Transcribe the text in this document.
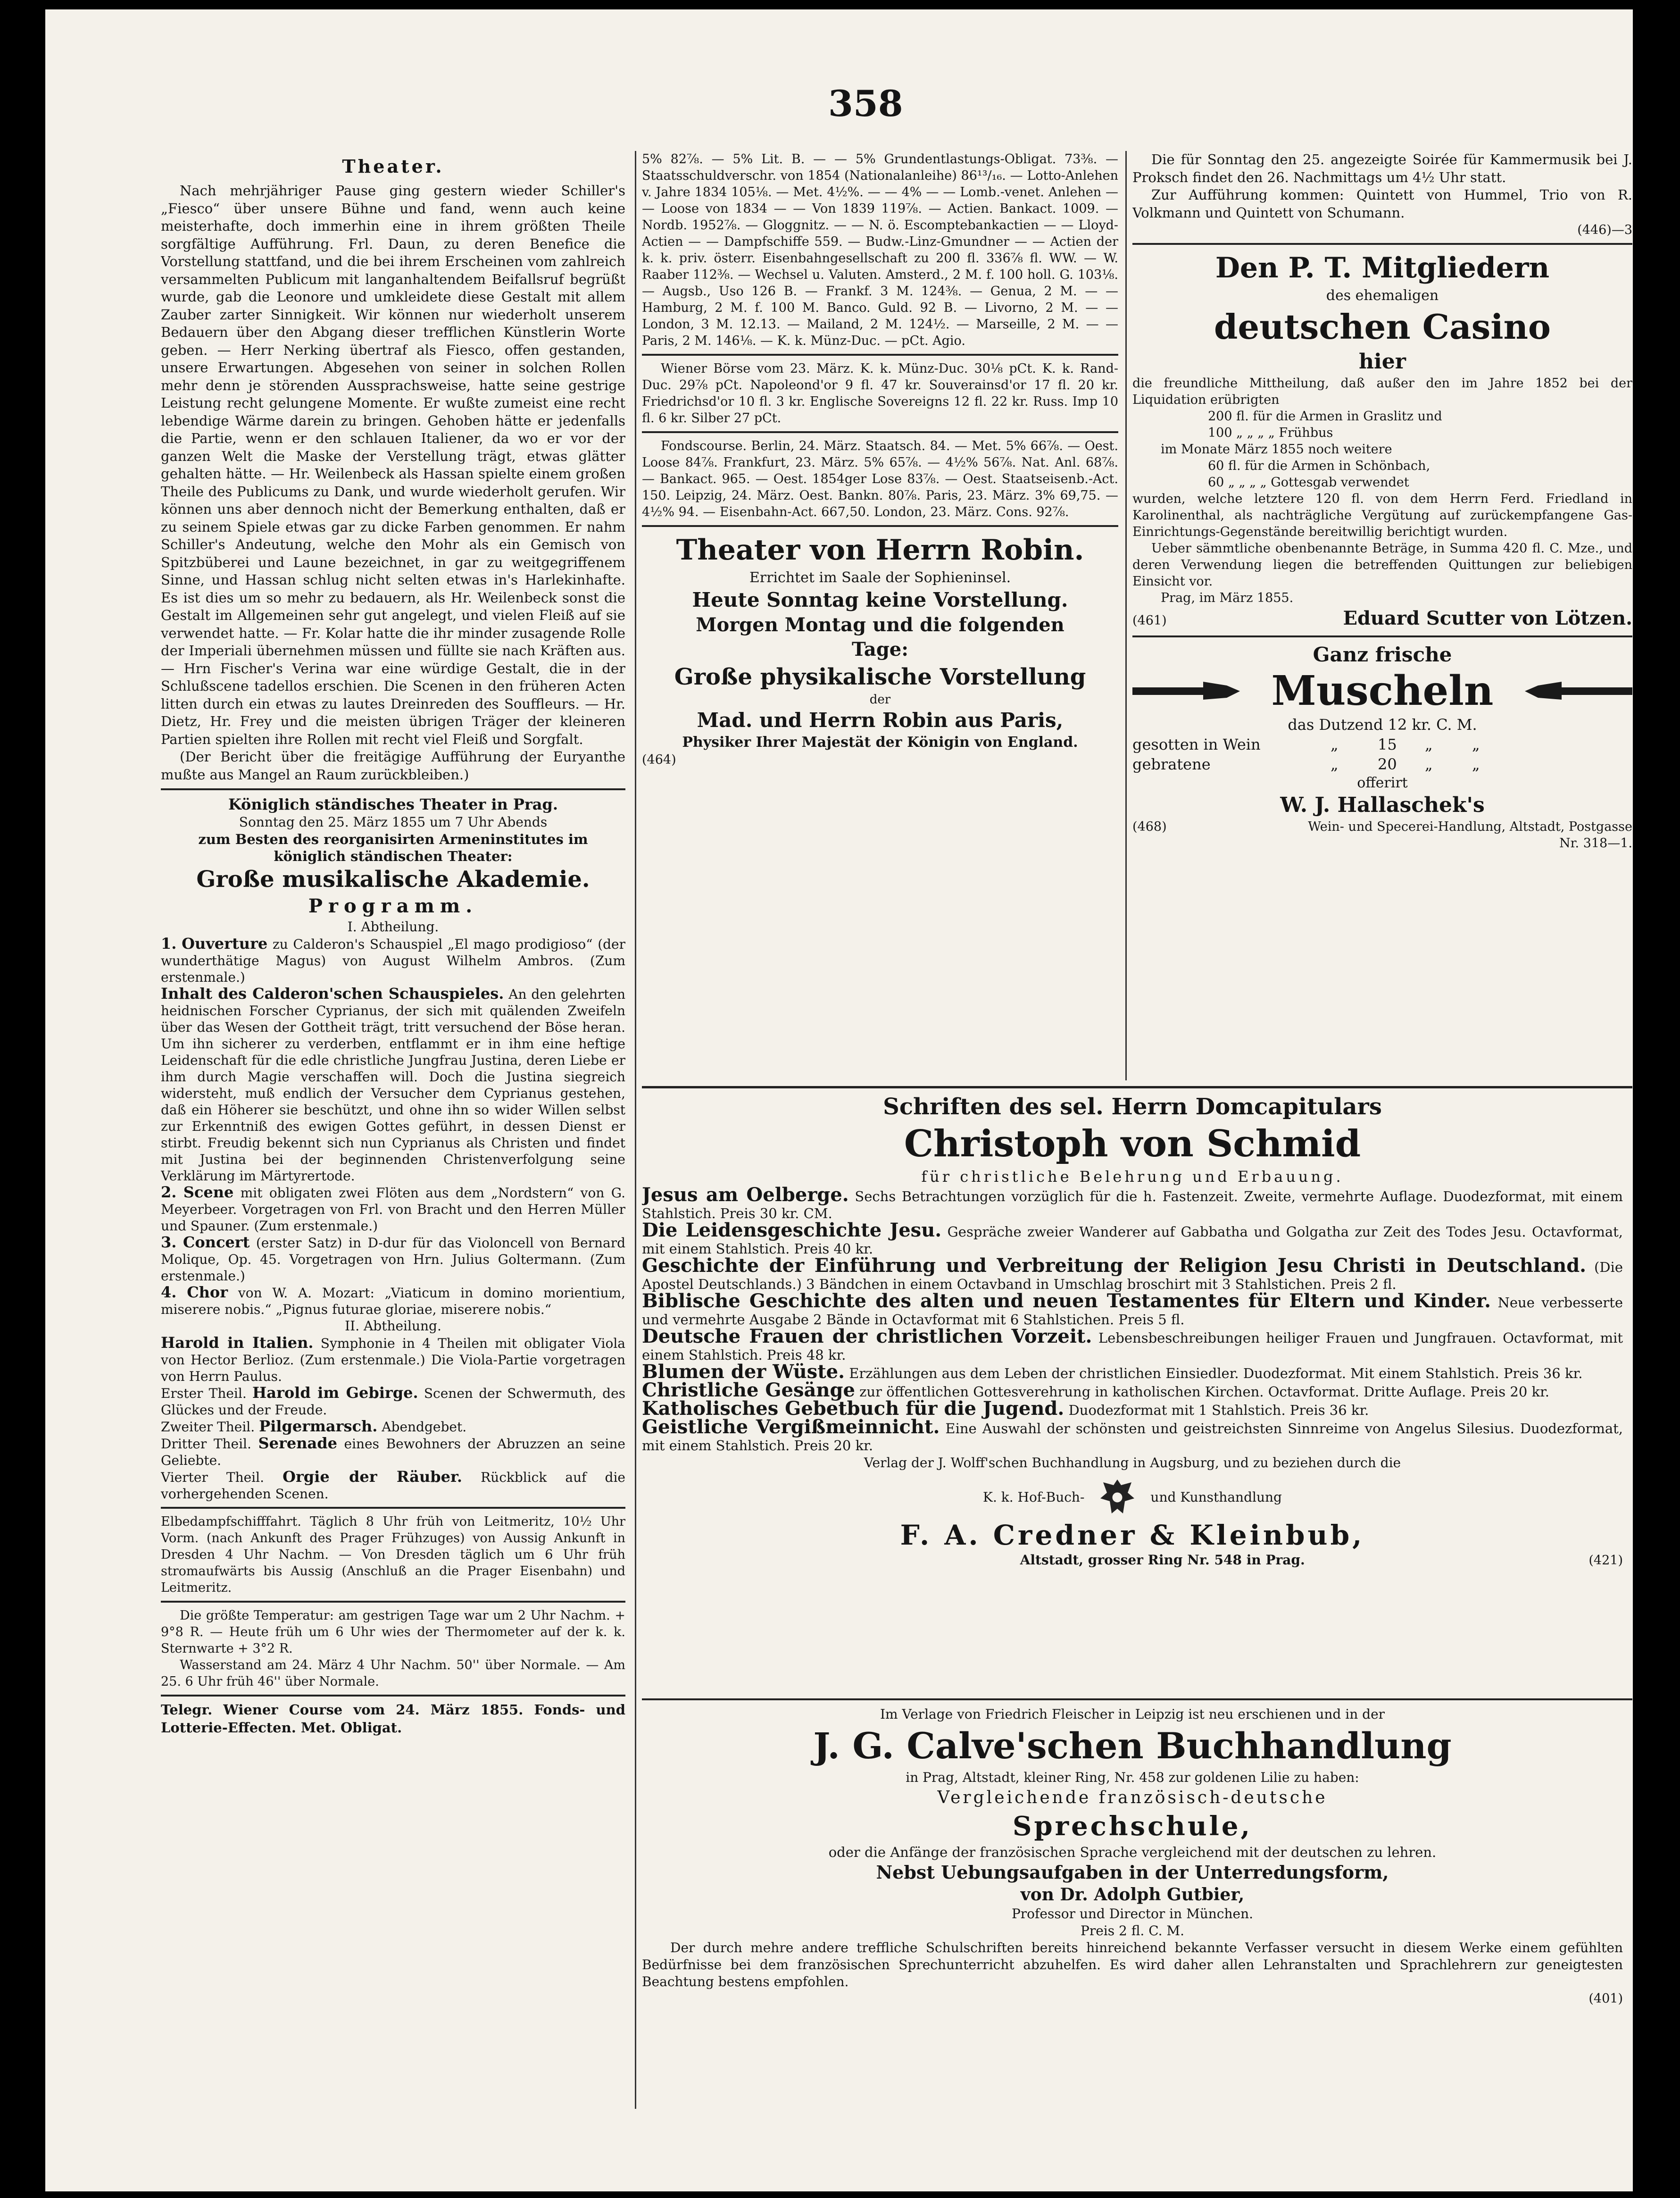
358
Theater.

Nach mehrjähriger Pause ging gestern wieder Schiller's „Fiesco“ über unsere Bühne und fand, wenn auch keine meisterhafte, doch immerhin eine in ihrem größten Theile sorgfältige Aufführung. Frl. Daun, zu deren Benefice die Vorstellung stattfand, und die bei ihrem Erscheinen vom zahlreich versammelten Publicum mit langanhaltendem Beifallsruf begrüßt wurde, gab die Leonore und umkleidete diese Gestalt mit allem Zauber zarter Sinnigkeit. Wir können nur wiederholt unserem Bedauern über den Abgang dieser trefflichen Künstlerin Worte geben. — Herr Nerking übertraf als Fiesco, offen gestanden, unsere Erwartungen. Abgesehen von seiner in solchen Rollen mehr denn je störenden Aussprachsweise, hatte seine gestrige Leistung recht gelungene Momente. Er wußte zumeist eine recht lebendige Wärme darein zu bringen. Gehoben hätte er jedenfalls die Partie, wenn er den schlauen Italiener, da wo er vor der ganzen Welt die Maske der Verstellung trägt, etwas glätter gehalten hätte. — Hr. Weilenbeck als Hassan spielte einem großen Theile des Publicums zu Dank, und wurde wiederholt gerufen. Wir können uns aber dennoch nicht der Bemerkung enthalten, daß er zu seinem Spiele etwas gar zu dicke Farben genommen. Er nahm Schiller's Andeutung, welche den Mohr als ein Gemisch von Spitzbüberei und Laune bezeichnet, in gar zu weitgegriffenem Sinne, und Hassan schlug nicht selten etwas in's Harlekinhafte. Es ist dies um so mehr zu bedauern, als Hr. Weilenbeck sonst die Gestalt im Allgemeinen sehr gut angelegt, und vielen Fleiß auf sie verwendet hatte. — Fr. Kolar hatte die ihr minder zusagende Rolle der Imperiali übernehmen müssen und füllte sie nach Kräften aus. — Hrn Fischer's Verina war eine würdige Gestalt, die in der Schlußscene tadellos erschien. Die Scenen in den früheren Acten litten durch ein etwas zu lautes Dreinreden des Souffleurs. — Hr. Dietz, Hr. Frey und die meisten übrigen Träger der kleineren Partien spielten ihre Rollen mit recht viel Fleiß und Sorgfalt.

(Der Bericht über die freitägige Aufführung der Euryanthe mußte aus Mangel an Raum zurückbleiben.)

Königlich ständisches Theater in Prag.

Sonntag den 25. März 1855 um 7 Uhr Abends

zum Besten des reorganisirten Armeninstitutes im königlich ständischen Theater:

Große musikalische Akademie.

Programm.

I. Abtheilung.

1. Ouverture zu Calderon's Schauspiel „El mago prodigioso“ (der wunderthätige Magus) von August Wilhelm Ambros. (Zum erstenmale.)

Inhalt des Calderon'schen Schauspieles. An den gelehrten heidnischen Forscher Cyprianus, der sich mit quälenden Zweifeln über das Wesen der Gottheit trägt, tritt versuchend der Böse heran. Um ihn sicherer zu verderben, entflammt er in ihm eine heftige Leidenschaft für die edle christliche Jungfrau Justina, deren Liebe er ihm durch Magie verschaffen will. Doch die Justina siegreich widersteht, muß endlich der Versucher dem Cyprianus gestehen, daß ein Höherer sie beschützt, und ohne ihn so wider Willen selbst zur Erkenntniß des ewigen Gottes geführt, in dessen Dienst er stirbt. Freudig bekennt sich nun Cyprianus als Christen und findet mit Justina bei der beginnenden Christenverfolgung seine Verklärung im Märtyrertode.

2. Scene mit obligaten zwei Flöten aus dem „Nordstern“ von G. Meyerbeer. Vorgetragen von Frl. von Bracht und den Herren Müller und Spauner. (Zum erstenmale.)

3. Concert (erster Satz) in D-dur für das Violoncell von Bernard Molique, Op. 45. Vorgetragen von Hrn. Julius Goltermann. (Zum erstenmale.)

4. Chor von W. A. Mozart: „Viaticum in domino morientium, miserere nobis.“ „Pignus futurae gloriae, miserere nobis.“

II. Abtheilung.

Harold in Italien. Symphonie in 4 Theilen mit obligater Viola von Hector Berlioz. (Zum erstenmale.) Die Viola-Partie vorgetragen von Herrn Paulus.

Erster Theil. Harold im Gebirge. Scenen der Schwermuth, des Glückes und der Freude.

Zweiter Theil. Pilgermarsch. Abendgebet.

Dritter Theil. Serenade eines Bewohners der Abruzzen an seine Geliebte.

Vierter Theil. Orgie der Räuber. Rückblick auf die vorhergehenden Scenen.

Elbedampfschifffahrt. Täglich 8 Uhr früh von Leitmeritz, 10½ Uhr Vorm. (nach Ankunft des Prager Frühzuges) von Aussig Ankunft in Dresden 4 Uhr Nachm. — Von Dresden täglich um 6 Uhr früh stromaufwärts bis Aussig (Anschluß an die Prager Eisenbahn) und Leitmeritz.

Die größte Temperatur: am gestrigen Tage war um 2 Uhr Nachm. + 9°8 R. — Heute früh um 6 Uhr wies der Thermometer auf der k. k. Sternwarte + 3°2 R.

Wasserstand am 24. März 4 Uhr Nachm. 50'' über Normale. — Am 25. 6 Uhr früh 46'' über Normale.

Telegr. Wiener Course vom 24. März 1855. Fonds- und Lotterie-Effecten. Met. Obligat.

5% 82⅞. — 5% Lit. B. — — 5% Grundentlastungs-Obligat. 73⅜. — Staatsschuldverschr. von 1854 (Nationalanleihe) 86¹³/₁₆. — Lotto-Anlehen v. Jahre 1834 105⅛. — Met. 4½%. — — 4% — — Lomb.-venet. Anlehen — — Loose von 1834 — — Von 1839 119⅞. — Actien. Bankact. 1009. — Nordb. 1952⅞. — Gloggnitz. — — N. ö. Escomptebankactien — — Lloyd-Actien — — Dampfschiffe 559. — Budw.-Linz-Gmundner — — Actien der k. k. priv. österr. Eisenbahngesellschaft zu 200 fl. 336⅞ fl. WW. — W. Raaber 112⅜. — Wechsel u. Valuten. Amsterd., 2 M. f. 100 holl. G. 103⅛. — Augsb., Uso 126 B. — Frankf. 3 M. 124⅜. — Genua, 2 M. — — Hamburg, 2 M. f. 100 M. Banco. Guld. 92 B. — Livorno, 2 M. — — London, 3 M. 12.13. — Mailand, 2 M. 124½. — Marseille, 2 M. — — Paris, 2 M. 146⅛. — K. k. Münz-Duc. — pCt. Agio.

Wiener Börse vom 23. März. K. k. Münz-Duc. 30⅛ pCt. K. k. Rand-Duc. 29⅞ pCt. Napoleond'or 9 fl. 47 kr. Souverainsd'or 17 fl. 20 kr. Friedrichsd'or 10 fl. 3 kr. Englische Sovereigns 12 fl. 22 kr. Russ. Imp 10 fl. 6 kr. Silber 27 pCt.

Fondscourse. Berlin, 24. März. Staatsch. 84. — Met. 5% 66⅞. — Oest. Loose 84⅞. Frankfurt, 23. März. 5% 65⅞. — 4½% 56⅞. Nat. Anl. 68⅞. — Bankact. 965. — Oest. 1854ger Lose 83⅞. — Oest. Staatseisenb.-Act. 150. Leipzig, 24. März. Oest. Bankn. 80⅞. Paris, 23. März. 3% 69,75. — 4½% 94. — Eisenbahn-Act. 667,50. London, 23. März. Cons. 92⅞.

Theater von Herrn Robin.

Errichtet im Saale der Sophieninsel.

Heute Sonntag keine Vorstellung.

Morgen Montag und die folgenden

Tage:

Große physikalische Vorstellung

der

Mad. und Herrn Robin aus Paris,

Physiker Ihrer Majestät der Königin von England.

(464)

Die für Sonntag den 25. angezeigte Soirée für Kammermusik bei J. Proksch findet den 26. Nachmittags um 4½ Uhr statt.

Zur Aufführung kommen: Quintett von Hummel, Trio von R. Volkmann und Quintett von Schumann.

(446)—3

Den P. T. Mitgliedern

des ehemaligen

deutschen Casino

hier

die freundliche Mittheilung, daß außer den im Jahre 1852 bei der Liquidation erübrigten

200 fl. für die Armen in Graslitz und

100 „ „ „ „ Frühbus

im Monate März 1855 noch weitere

60 fl. für die Armen in Schönbach,

60 „ „ „ „ Gottesgab verwendet

wurden, welche letztere 120 fl. von dem Herrn Ferd. Friedland in Karolinenthal, als nachträgliche Vergütung auf zurückempfangene Gas-Einrichtungs-Gegenstände bereitwillig berichtigt wurden.

Ueber sämmtliche obenbenannte Beträge, in Summa 420 fl. C. Mze., und deren Verwendung liegen die betreffenden Quittungen zur beliebigen Einsicht vor.

Prag, im März 1855.

(461)	Eduard Scutter von Lötzen.

Ganz frische

Muscheln

das Dutzend 12 kr. C. M.

gesotten in Wein	„	15	„	„
gebratene	„	20	„	„

offerirt

W. J. Hallaschek's

(468)	Wein- und Specerei-Handlung, Altstadt, Postgasse Nr. 318—1.

Schriften des sel. Herrn Domcapitulars

Christoph von Schmid

für christliche Belehrung und Erbauung.

Jesus am Oelberge. Sechs Betrachtungen vorzüglich für die h. Fastenzeit. Zweite, vermehrte Auflage. Duodezformat, mit einem Stahlstich. Preis 30 kr. CM.

Die Leidensgeschichte Jesu. Gespräche zweier Wanderer auf Gabbatha und Golgatha zur Zeit des Todes Jesu. Octavformat, mit einem Stahlstich. Preis 40 kr.

Geschichte der Einführung und Verbreitung der Religion Jesu Christi in Deutschland. (Die Apostel Deutschlands.) 3 Bändchen in einem Octavband in Umschlag broschirt mit 3 Stahlstichen. Preis 2 fl.

Biblische Geschichte des alten und neuen Testamentes für Eltern und Kinder. Neue verbesserte und vermehrte Ausgabe 2 Bände in Octavformat mit 6 Stahlstichen. Preis 5 fl.

Deutsche Frauen der christlichen Vorzeit. Lebensbeschreibungen heiliger Frauen und Jungfrauen. Octavformat, mit einem Stahlstich. Preis 48 kr.

Blumen der Wüste. Erzählungen aus dem Leben der christlichen Einsiedler. Duodezformat. Mit einem Stahlstich. Preis 36 kr.

Christliche Gesänge zur öffentlichen Gottesverehrung in katholischen Kirchen. Octavformat. Dritte Auflage. Preis 20 kr.

Katholisches Gebetbuch für die Jugend. Duodezformat mit 1 Stahlstich. Preis 36 kr.

Geistliche Vergißmeinnicht. Eine Auswahl der schönsten und geistreichsten Sinnreime von Angelus Silesius. Duodezformat, mit einem Stahlstich. Preis 20 kr.

Verlag der J. Wolff'schen Buchhandlung in Augsburg, und zu beziehen durch die

K. k. Hof-Buch-	und Kunsthandlung

F. A. Credner & Kleinbub,

Altstadt, grosser Ring Nr. 548 in Prag.	(421)

Im Verlage von Friedrich Fleischer in Leipzig ist neu erschienen und in der

J. G. Calve'schen Buchhandlung

in Prag, Altstadt, kleiner Ring, Nr. 458 zur goldenen Lilie zu haben:

Vergleichende französisch-deutsche

Sprechschule,

oder die Anfänge der französischen Sprache vergleichend mit der deutschen zu lehren.

Nebst Uebungsaufgaben in der Unterredungsform,

von Dr. Adolph Gutbier,

Professor und Director in München.

Preis 2 fl. C. M.

Der durch mehre andere treffliche Schulschriften bereits hinreichend bekannte Verfasser versucht in diesem Werke einem gefühlten Bedürfnisse bei dem französischen Sprechunterricht abzuhelfen. Es wird daher allen Lehranstalten und Sprachlehrern zur geneigtesten Beachtung bestens empfohlen.

(401)
